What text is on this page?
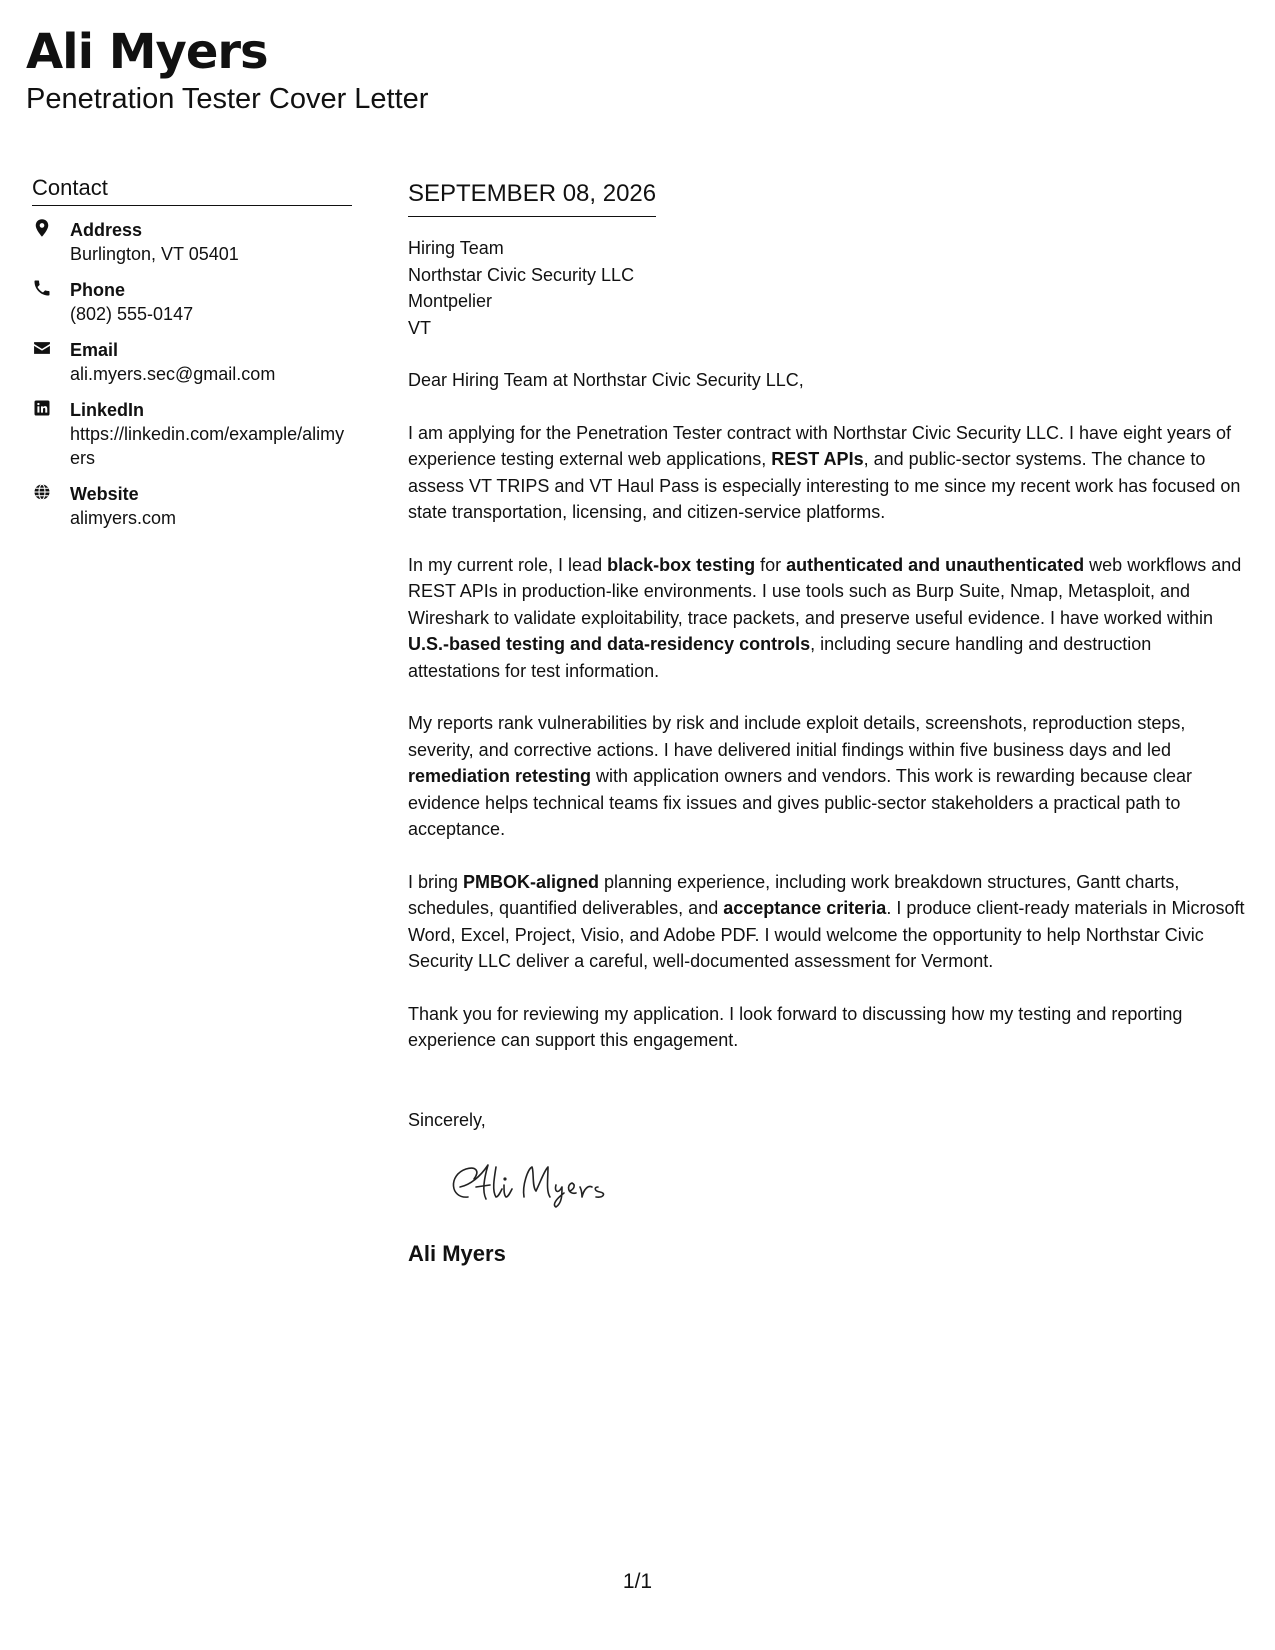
Ali Myers
Penetration Tester Cover Letter
Contact
Address
Burlington, VT 05401
Phone
(802) 555-0147
Email
ali.myers.sec@gmail.com
LinkedIn
https://linkedin.com/example/alimyers
Website
alimyers.com
SEPTEMBER 08, 2026
Hiring Team
Northstar Civic Security LLC
Montpelier
VT
Dear Hiring Team at Northstar Civic Security LLC,

I am applying for the Penetration Tester contract with Northstar Civic Security LLC. I have eight years of experience testing external web applications, REST APIs, and public-sector systems. The chance to assess VT TRIPS and VT Haul Pass is especially interesting to me since my recent work has focused on state transportation, licensing, and citizen-service platforms.

In my current role, I lead black-box testing for authenticated and unauthenticated web workflows and REST APIs in production-like environments. I use tools such as Burp Suite, Nmap, Metasploit, and Wireshark to validate exploitability, trace packets, and preserve useful evidence. I have worked within U.S.-based testing and data-residency controls, including secure handling and destruction attestations for test information.

My reports rank vulnerabilities by risk and include exploit details, screenshots, reproduction steps, severity, and corrective actions. I have delivered initial findings within five business days and led remediation retesting with application owners and vendors. This work is rewarding because clear evidence helps technical teams fix issues and gives public-sector stakeholders a practical path to acceptance.

I bring PMBOK-aligned planning experience, including work breakdown structures, Gantt charts, schedules, quantified deliverables, and acceptance criteria. I produce client-ready materials in Microsoft Word, Excel, Project, Visio, and Adobe PDF. I would welcome the opportunity to help Northstar Civic Security LLC deliver a careful, well-documented assessment for Vermont.

Thank you for reviewing my application. I look forward to discussing how my testing and reporting experience can support this engagement.

Sincerely,
Ali Myers
1/1
